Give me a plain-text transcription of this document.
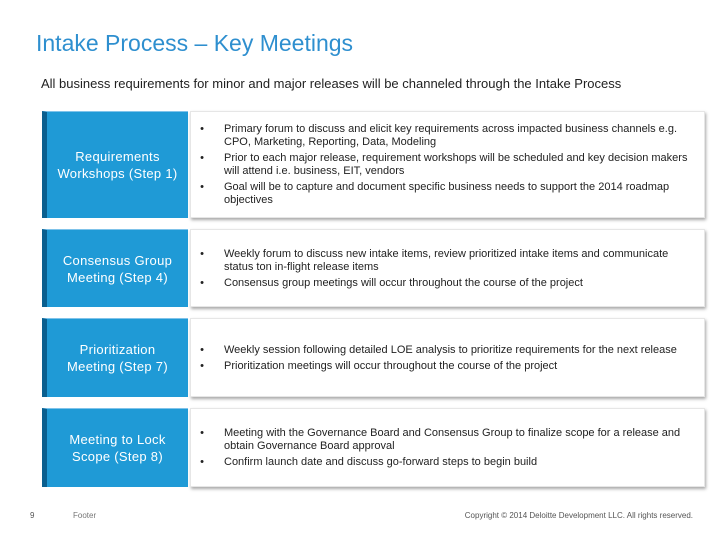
Intake Process – Key Meetings
All business requirements for minor and major releases will be channeled through the Intake Process
Requirements Workshops (Step 1)
• Primary forum to discuss and elicit key requirements across impacted business channels e.g. CPO, Marketing, Reporting, Data, Modeling
• Prior to each major release, requirement workshops will be scheduled and key decision makers will attend i.e. business, EIT, vendors
• Goal will be to capture and document specific business needs to support the 2014 roadmap objectives
Consensus Group Meeting (Step 4)
• Weekly forum to discuss new intake items, review prioritized intake items and communicate status ton in-flight release items
• Consensus group meetings will occur throughout the course of the project
Prioritization Meeting (Step 7)
• Weekly session following detailed LOE analysis to prioritize requirements for the next release
• Prioritization meetings will occur throughout the course of the project
Meeting to Lock Scope (Step 8)
• Meeting with the Governance Board and Consensus Group to finalize scope for a release and obtain Governance Board approval
• Confirm launch date and discuss go-forward steps to begin build
9	Footer	Copyright © 2014 Deloitte Development LLC. All rights reserved.
